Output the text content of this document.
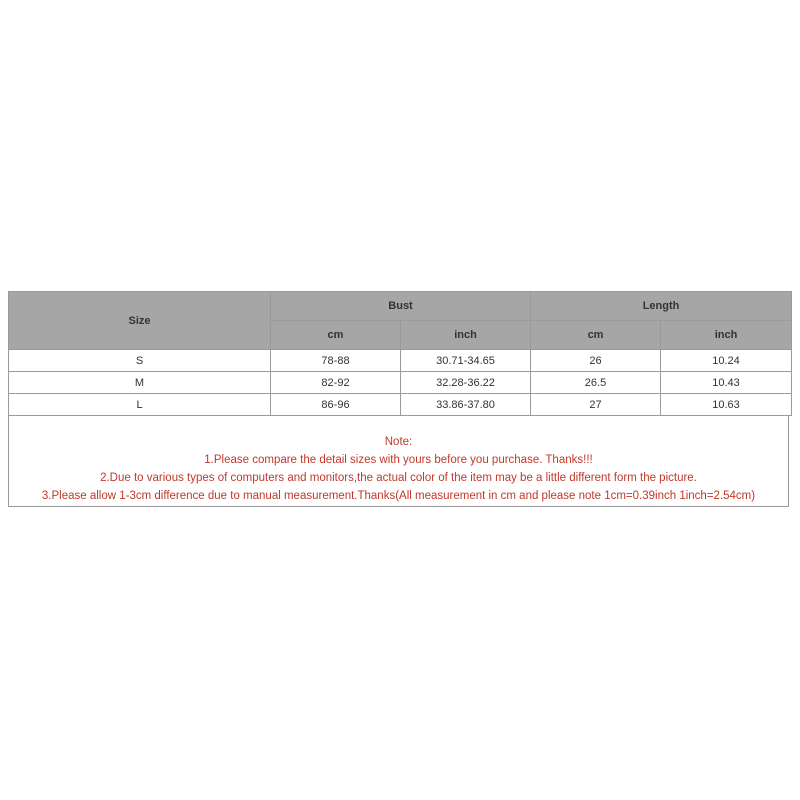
Size	Bust		Length	
	cm	inch	cm	inch
S	78-88	30.71-34.65	26	10.24
M	82-92	32.28-36.22	26.5	10.43
L	86-96	33.86-37.80	27	10.63
Note:
1.Please compare the detail sizes with yours before you purchase. Thanks!!!
2.Due to various types of computers and monitors,the actual color of the item may be a little different form the picture.
3.Please allow 1-3cm difference due to manual measurement.Thanks(All measurement in cm and please note 1cm=0.39inch 1inch=2.54cm)
